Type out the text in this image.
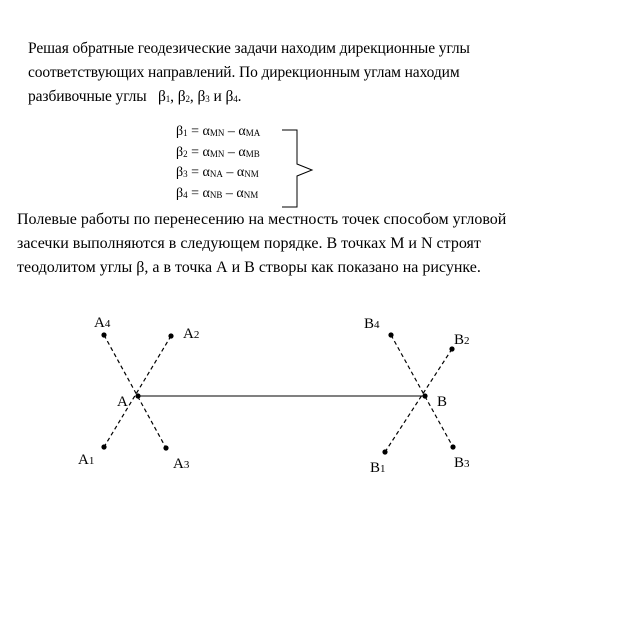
Решая обратные геодезические задачи находим дирекционные углы
соответствующих направлений. По дирекционным углам находим
разбивочные углы $\beta_1$, $\beta_2$, $\beta_3$ и $\beta_4$.
$\beta_1 = \alpha_{MN} - \alpha_{MA}$
$\beta_2 = \alpha_{MN} - \alpha_{MB}$
$\beta_3 = \alpha_{NA} - \alpha_{NM}$
$\beta_4 = \alpha_{NB} - \alpha_{NM}$
Полевые работы по перенесению на местность точек способом угловой
засечки выполняются в следующем порядке. В точках M и N строят
теодолитом углы β, а в точка А и В створы как показано на рисунке.
А4
А2
А
А1	А3
В4
В2
В
В1	В3
